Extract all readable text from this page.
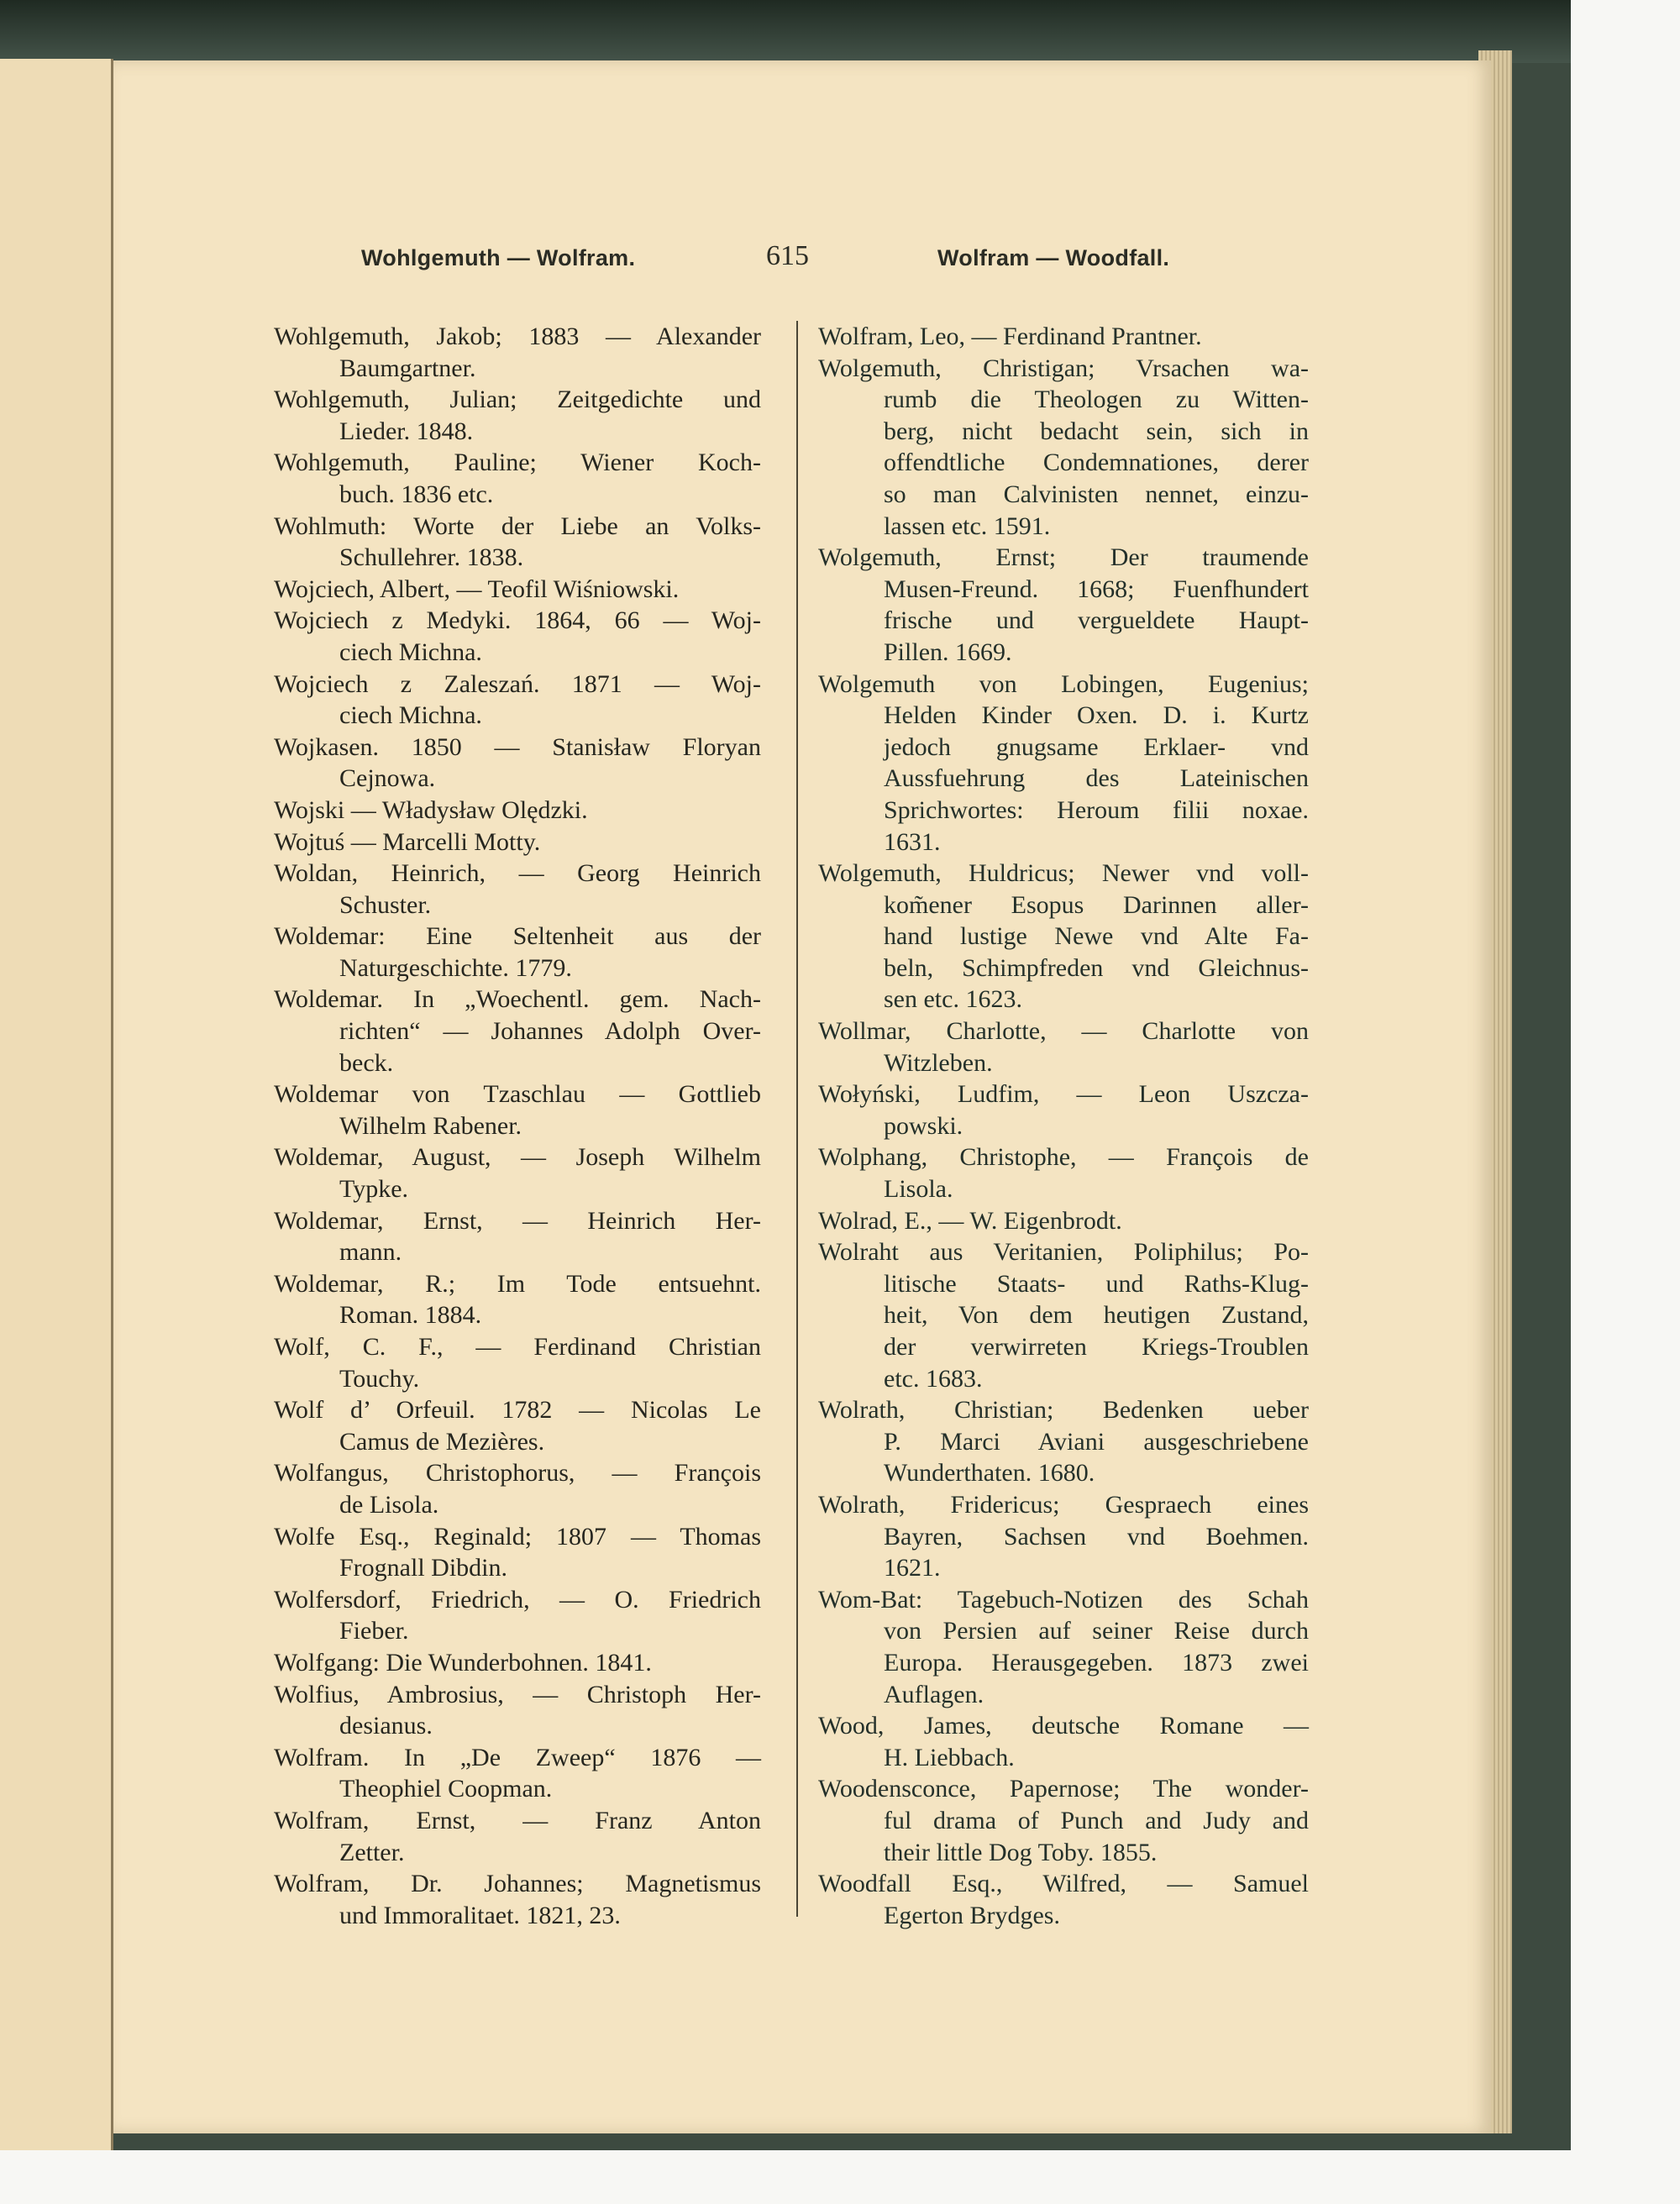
Wohlgemuth — Wolfram.	615	Wolfram — Woodfall.
Wohlgemuth, Jakob; 1883 — Alexander
Baumgartner.
Wohlgemuth, Julian; Zeitgedichte und
Lieder. 1848.
Wohlgemuth, Pauline; Wiener Koch-
buch. 1836 etc.
Wohlmuth: Worte der Liebe an Volks-
Schullehrer. 1838.
Wojciech, Albert, — Teofil Wiśniowski.
Wojciech z Medyki. 1864, 66 — Woj-
ciech Michna.
Wojciech z Zaleszań. 1871 — Woj-
ciech Michna.
Wojkasen. 1850 — Stanisław Floryan
Cejnowa.
Wojski — Władysław Olędzki.
Wojtuś — Marcelli Motty.
Woldan, Heinrich, — Georg Heinrich
Schuster.
Woldemar: Eine Seltenheit aus der
Naturgeschichte. 1779.
Woldemar. In „Woechentl. gem. Nach-
richten“ — Johannes Adolph Over-
beck.
Woldemar von Tzaschlau — Gottlieb
Wilhelm Rabener.
Woldemar, August, — Joseph Wilhelm
Typke.
Woldemar, Ernst, — Heinrich Her-
mann.
Woldemar, R.; Im Tode entsuehnt.
Roman. 1884.
Wolf, C. F., — Ferdinand Christian
Touchy.
Wolf d’ Orfeuil. 1782 — Nicolas Le
Camus de Mezières.
Wolfangus, Christophorus, — François
de Lisola.
Wolfe Esq., Reginald; 1807 — Thomas
Frognall Dibdin.
Wolfersdorf, Friedrich, — O. Friedrich
Fieber.
Wolfgang: Die Wunderbohnen. 1841.
Wolfius, Ambrosius, — Christoph Her-
desianus.
Wolfram. In „De Zweep“ 1876 —
Theophiel Coopman.
Wolfram, Ernst, — Franz Anton
Zetter.
Wolfram, Dr. Johannes; Magnetismus
und Immoralitaet. 1821, 23.
Wolfram, Leo, — Ferdinand Prantner.
Wolgemuth, Christigan; Vrsachen wa-
rumb die Theologen zu Witten-
berg, nicht bedacht sein, sich in
offendtliche Condemnationes, derer
so man Calvinisten nennet, einzu-
lassen etc. 1591.
Wolgemuth, Ernst; Der traumende
Musen-Freund. 1668; Fuenfhundert
frische und vergueldete Haupt-
Pillen. 1669.
Wolgemuth von Lobingen, Eugenius;
Helden Kinder Oxen. D. i. Kurtz
jedoch gnugsame Erklaer- vnd
Aussfuehrung des Lateinischen
Sprichwortes: Heroum filii noxae.
1631.
Wolgemuth, Huldricus; Newer vnd voll-
kom̃ener Esopus Darinnen aller-
hand lustige Newe vnd Alte Fa-
beln, Schimpfreden vnd Gleichnus-
sen etc. 1623.
Wollmar, Charlotte, — Charlotte von
Witzleben.
Wołyński, Ludfim, — Leon Uszcza-
powski.
Wolphang, Christophe, — François de
Lisola.
Wolrad, E., — W. Eigenbrodt.
Wolraht aus Veritanien, Poliphilus; Po-
litische Staats- und Raths-Klug-
heit, Von dem heutigen Zustand,
der verwirreten Kriegs-Troublen
etc. 1683.
Wolrath, Christian; Bedenken ueber
P. Marci Aviani ausgeschriebene
Wunderthaten. 1680.
Wolrath, Fridericus; Gespraech eines
Bayren, Sachsen vnd Boehmen.
1621.
Wom-Bat: Tagebuch-Notizen des Schah
von Persien auf seiner Reise durch
Europa. Herausgegeben. 1873 zwei
Auflagen.
Wood, James, deutsche Romane —
H. Liebbach.
Woodensconce, Papernose; The wonder-
ful drama of Punch and Judy and
their little Dog Toby. 1855.
Woodfall Esq., Wilfred, — Samuel
Egerton Brydges.
